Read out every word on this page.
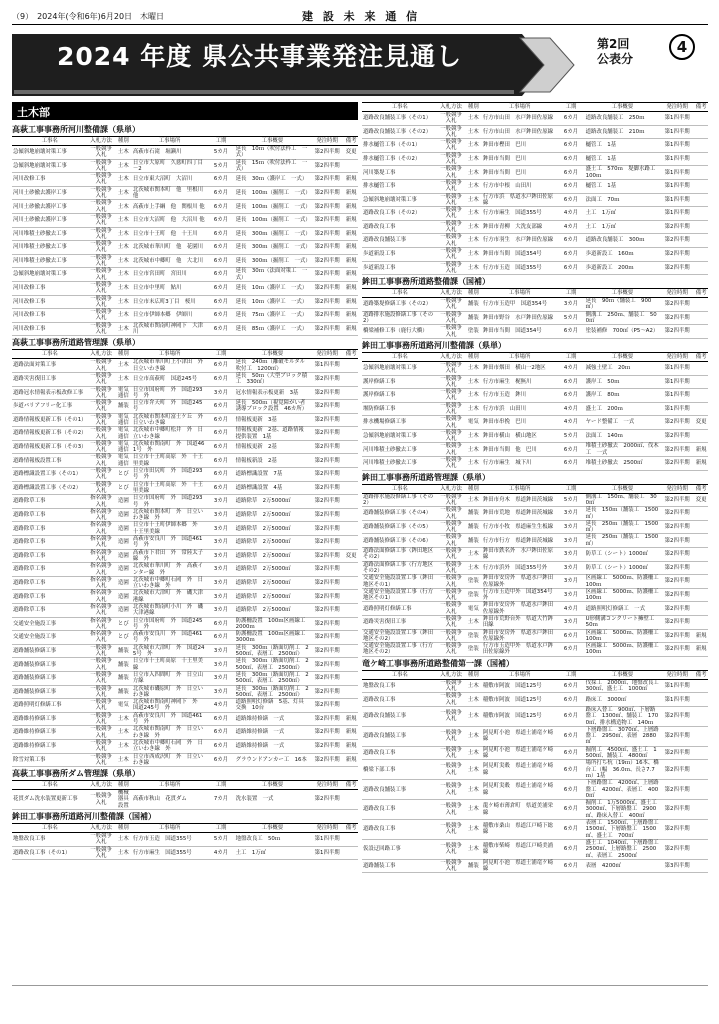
（9）　2024年(令和6年)6月20日　木曜日	建 設 未 来 通 信
2024 年度 県公共事業発注見通し	第2回
公表分
4
土木部
高萩工事事務所河川整備課（県単）
工事名	入札方法	種別	工事場所	工期	工事概要	発注時期	備考
急傾斜地崩壊対策工事	一般競争入札	土木	高萩市石滝　堀瀬川	5カ月	延長　10ｍ（吹付法枠工　一式）	第2四半期	変更
急傾斜地崩壊対策工事	一般競争入札	土木	日立市大原町　久慈町四丁目－2	5カ月	延長　15ｍ（吹付法枠工　一式）	第2四半期	
河川改修工事	一般競争入札	土木	日立市東大沼町　大沼川	6カ月	延長　30ｍ（護岸工　一式）	第2四半期	新規
河川土砂撤去護岸工事	一般競争入札	土木	北茨城市関本町　他　里根川 他	6カ月	延長　100ｍ（掘削工　一式）	第2四半期	新規
河川土砂撤去護岸工事	一般競争入札	土木	高萩市上手綱　他　関根川 他	6カ月	延長　100ｍ（掘削工　一式）	第2四半期	新規
河川土砂撤去護岸工事	一般競争入札	土木	日立市大沼町　他　大沼川 他	6カ月	延長　100ｍ（掘削工　一式）	第2四半期	新規
河川堆積土砂撤去工事	一般競争入札	土木	日立市十王町　他　十王川	6カ月	延長　300ｍ（掘削工　一式）	第2四半期	新規
河川堆積土砂撤去工事	一般競争入札	土木	北茨城市華川町　他　花園川	6カ月	延長　300ｍ（掘削工　一式）	第2四半期	新規
河川堆積土砂撤去工事	一般競争入札	土木	北茨城市中郷町　他　大北川	6カ月	延長　300ｍ（掘削工　一式）	第2四半期	新規
急傾斜地崩壊対策工事	一般競争入札	土木	日立市宮田町　宮田川	6カ月	延長　30ｍ（法面対策工　一式）	第2四半期	新規
河川改修工事	一般競争入札	土木	日立市中里町　鮎川	6カ月	延長　10ｍ（護岸工　一式）	第2四半期	新規
河川改修工事	一般競争入札	土木	日立市末広町3丁目　桜川	6カ月	延長　10ｍ（護岸工　一式）	第2四半期	新規
河川改修工事	一般競争入札	土木	日立市伊師本郷　伊師川	6カ月	延長　75ｍ（護岸工　一式）	第2四半期	新規
河川改修工事	一般競争入札	土木	北茨城市関南町神岡下　大津川	6カ月	延長　85ｍ（護岸工　一式）	第2四半期	新規
高萩工事事務所道路管理課（県単）
工事名	入札方法	種別	工事場所	工期	工事概要	発注時期	備考
道路法面対策工事	一般競争入札	土木	北茨城市華川町上小津田　外　日立いわき線	6カ月	延長　240ｍ（離破モルタル吹付工　1200㎡）	第1四半期	
道路災害復旧工事	一般競争入札	土木	日立市高萩町　国道245号	6カ月	延長　50ｍ（大型ブロック積工　330㎡）	第2四半期	
道路冠水情報表示板改修工事	一般競争入札	電気通信	日立市国府町　外　国道293号　外	3カ月	冠水情報表示板更新　3基	第2四半期	
歩道バリアフリー化工事	一般競争入札	舗装	日立市弁天町　外　国道245号	6カ月	延長　500ｍ（視覚障がい者誘導ブロック設置　46カ所）	第2四半期	
道路情報板更新工事（その1）	一般競争入札	電気通信	北茨城市関本町富士ケ丘　外　日立いわき線	6カ月	情報板更新　3基	第2四半期	
道路情報板更新工事（その2）	一般競争入札	電気通信	北茨城市中郷町松井　外　日立いわき線	6カ月	情報板更新　2基、道路情報提供装置　1基	第2四半期	
道路情報板更新工事（その3）	一般競争入札	電気通信	北茨城市関南町　外　国道461号　外	6カ月	情報板更新　2基	第2四半期	
道路情報板設置工事	一般競争入札	電気通信	日立市十王町高原　外　十王里美線	6カ月	情報板新設　2基	第2四半期	
道路標識設置工事（その1）	一般競争入札	とび	日立市田尻町　外　国道293号　外	6カ月	道路標識設置　7基	第2四半期	
道路標識設置工事（その2）	一般競争入札	とび	日立市十王町高原　外　十王里美線	6カ月	道路標識設置　4基	第2四半期	
道路除草工事	指名競争入札	造園	日立市国府町　外　国道293号　外	3カ月	道路除草　2万5000㎡	第2四半期	
道路除草工事	指名競争入札	造園	北茨城市関本町　外　日立いわき線　外	3カ月	道路除草　2万5000㎡	第2四半期	
道路除草工事	指名競争入札	造園	日立市十王町伊師本郷　外　十王里美線	3カ月	道路除草　2万5000㎡	第2四半期	
道路除草工事	指名競争入札	造園	高萩市安良川　外　国道461号　外	3カ月	道路除草　2万5000㎡	第2四半期	
道路除草工事	指名競争入札	造園	高萩市下君田　外　常陸太子線　外	3カ月	道路除草　2万5000㎡	第2四半期	変更
道路除草工事	指名競争入札	造園	北茨城市華川町　外　高萩インター線　外	3カ月	道路除草　2万5000㎡	第2四半期	
道路除草工事	指名競争入札	造園	北茨城市中郷町石岡　外　日立いわき線　外	3カ月	道路除草　2万5000㎡	第2四半期	
道路除草工事	指名競争入札	造園	北茨城市大津町　外　磯大津港線	3カ月	道路除草　2万5000㎡	第2四半期	
道路除草工事	指名競争入札	造園	北茨城市関南町小川　外　磯大津港線	3カ月	道路除草　2万5000㎡	第2四半期	
交通安全施設工事	指名競争入札	とび	日立市国府町　外　国道245号　外	6カ月	防護柵設置　100ｍ区画線工　2000ｍ	第2四半期	
交通安全施設工事	指名競争入札	とび	高萩市安良川　外　国道461号　外	6カ月	防護柵設置　100ｍ区画線工　3000ｍ	第2四半期	
道路舗装修繕工事	一般競争入札	舗装	北茨城市大津町　外　国道245号　外	3カ月	延長　300ｍ（路面切削工　2500㎡、表層工　2500㎡）	第2四半期	
道路舗装修繕工事	一般競争入札	舗装	日立市十王町高原　十王里美線	3カ月	延長　300ｍ（路面切削工　2500㎡、表層工　2500㎡）	第2四半期	
道路舗装修繕工事	一般競争入札	舗装	日立市入四間町　外　日立山方線	3カ月	延長　300ｍ（路面切削工　2500㎡、表層工　2500㎡）	第2四半期	
道路舗装修繕工事	一般競争入札	舗装	北茨城市磯原町　外　日立いわき線	3カ月	延長　300ｍ（路面切削工　2500㎡、表層工　2500㎡）	第2四半期	
道路照明灯修繕工事	一般競争入札	電気	北茨城市関南町神岡下　外　国道245号　外	4カ月	道路照明灯修繕　5基、灯具交換　10台	第2四半期	
道路維持修繕工事	一般競争入札	土木	高萩市安良川　外　国道461号　外	6カ月	道路維持修繕　一式	第2四半期	新規
道路維持修繕工事	一般競争入札	土木	北茨城市関南町　外　日立いわき線　外	6カ月	道路維持修繕　一式	第2四半期	新規
道路維持修繕工事	一般競争入札	土木	北茨城市中郷町石岡　外　日立いわき線　外	6カ月	道路維持修繕　一式	第2四半期	新規
除雪対策工事	一般競争入札	土木	日立市西成沢町　外　日立いわき線	6カ月	グラウンドアンカー工　16本	第2四半期	新規
高萩工事事務所ダム管理課（県単）
工事名	入札方法	種別	工事場所	工期	工事概要	発注時期	備考
花貫ダム洗水装置更新工事	一般競争入札	機械器具設置	高萩市秋山　花貫ダム	7カ月	洗水装置　一式	第2四半期	
鉾田工事事務所道路河川整備課（国補）
工事名	入札方法	種別	工事場所	工期	工事概要	発注時期	備考
地盤改良工事	一般競争入札	土木	行方市玉造　国道355号	5カ月	地盤改良工　50ｍ	第1四半期	
道路改良工事（その1）	一般競争入札	土木	行方市麻生　国道355号	4カ月	土工　1万㎥	第1四半期	
工事名	入札方法	種別	工事場所	工期	工事概要	発注時期	備考
道路改良舗装工事（その1）	一般競争入札	土木	行方市山田　水戸鉾田佐原線	6カ月	道路改良舗装工　250ｍ	第1四半期	
道路改良舗装工事（その2）	一般競争入札	土木	行方市山田　水戸鉾田佐原線	6カ月	道路改良舗装工　210ｍ	第1四半期	
排水樋管工事（その1）	一般競争入札	土木	鉾田市樫田　巴川	6カ月	樋管工　1基	第1四半期	
排水樋管工事（その2）	一般競争入札	土木	鉾田市当間　巴川	6カ月	樋管工　1基	第1四半期	
河川築堤工事	一般競争入札	土木	鉾田市当間　巴川	6カ月	盛土工　570ｍ　堤脚水路工　100ｍ	第1四半期	
排水樋管工事	一般競争入札	土木	行方市中根　山田川	6カ月	樋管工　1基	第1四半期	
急傾斜地崩壊対策工事	一般競争入札	土木	行方市浜　県道水戸鉾田佐原線	6カ月	法面工　70ｍ	第1四半期	
道路改良工事（その2）	一般競争入札	土木	行方市麻生　国道355号	4カ月	土工　1万㎥	第1四半期	
道路改良工事	一般競争入札	土木	鉾田市青柳　大洗友部線	4カ月	土工　1万㎥	第2四半期	
道路改良舗装工事	一般競争入札	土木	行方市羽生　水戸鉾田佐原線	6カ月	道路改良舗装工　300ｍ	第2四半期	
歩道新設工事	一般競争入札	土木	鉾田市当間　国道354号	6カ月	歩道新設工　160ｍ	第2四半期	
歩道新設工事	一般競争入札	土木	行方市玉造　国道355号	6カ月	歩道新設工　200ｍ	第2四半期	
鉾田工事事務所道路整備課（国補）
工事名	入札方法	種別	工事場所	工期	工事概要	発注時期	備考
道路築堤修繕工事（その2）	一般競争入札	舗装	行方市玉造甲　国道354号	3カ月	延長　90ｍ（舗装工　900㎡）	第2四半期	
道路排水施設修繕工事（その2）	一般競争入札	舗装	鉾田市野谷　水戸鉾田佐原線	5カ月	側溝工　250ｍ、舗装工　500㎡	第2四半期	
橋梁補修工事（鹿行大橋）	一般競争入札	塗装	鉾田市当間　国道354号	6カ月	塗装補修　700㎡（P5～A2）	第2四半期	
鉾田工事事務所道路河川整備課（県単）
工事名	入札方法	種別	工事場所	工期	工事概要	発注時期	備考
急傾斜地崩壊対策工事	一般競争入札	土木	鉾田市烟田　横山一2地区	4カ月	減強土壁工　20ｍ	第1四半期	
護岸修繕工事	一般競争入札	土木	行方市麻生　梶無川	6カ月	護岸工　50ｍ	第1四半期	
護岸修繕工事	一般競争入札	土木	行方市玉造　鉾川	6カ月	護岸工　80ｍ	第1四半期	
堰防修繕工事	一般競争入札	土木	行方市浜　山田川	4カ月	盛土工　200ｍ	第1四半期	
排水機場修繕工事	一般競争入札	電気	鉾田市串挽　巴川	4カ月	ヤード整備工　一式	第2四半期	変更
急傾斜地崩壊対策工事	一般競争入札	土木	鉾田市横山　横山地区	5カ月	法面工　140ｍ	第2四半期	
河川堆積土砂撤去工事	一般競争入札	土木	鉾田市当間　他　巴川	6カ月	堆積土砂撤去　2000㎥、伐木工　一式	第2四半期	新規
河川堆積土砂撤去工事	一般競争入札	土木	行方市麻生　城下川	6カ月	堆積土砂撤去　2500㎥	第2四半期	新規
鉾田工事事務所道路管理課（県単）
工事名	入札方法	種別	工事場所	工期	工事概要	発注時期	備考
道路排水施設修繕工事（その2）	一般競争入札	土木	鉾田市舟木　県道鉾田茨城線	5カ月	側溝工　150ｍ、舗装工　300㎡	第2四半期	変更
道路舗装修繕工事（その4）	一般競争入札	舗装	鉾田市荒地　県道鉾田茨城線	3カ月	延長　150ｍ（舗装工　1500㎡）	第2四半期	
道路舗装修繕工事（その5）	一般競争入札	舗装	行方市小牧　県道麻生生板線	3カ月	延長　250ｍ（舗装工　1500㎡）	第2四半期	
道路舗装修繕工事（その6）	一般競争入札	舗装	行方市行方　県道鉾田茨城線	3カ月	延長　250ｍ（舗装工　1500㎡）	第2四半期	
道路法面修繕工事（鉾田地区その2）	一般競争入札	土木	鉾田市鉄名外　水戸鉾田佐原線	3カ月	防草工（シート）1000㎡	第2四半期	
道路法面修繕工事（行方地区その2）	一般競争入札	土木	行方市浜外　国道355号外	3カ月	防草工（シート）1000㎡	第2四半期	
交通安全施設設置工事（鉾田地区その1）	一般競争入札	塗装	鉾田市安房外　県道水戸鉾田佐原線外	3カ月	区画線工　5000ｍ、防護柵工　100ｍ	第2四半期	
交通安全施設設置工事（行方地区その1）	一般競争入札	塗装	行方市玉造甲外　国道354号外	3カ月	区画線工　5000ｍ、防護柵工　100ｍ	第2四半期	
道路照明灯修繕工事	一般競争入札	電気	鉾田市安房外　県道水戸鉾田佐原線外	4カ月	道路照明灯修繕工　一式	第2四半期	
道路災害復旧工事	一般競争入札	土木	鉾田市荒野台外　県道大竹鉾田線	3カ月	U形側溝コンクリート擁壁工　50ｍ	第2四半期	
交通安全施設設置工事（鉾田地区その2）	一般競争入札	塗装	鉾田市安房外　県道水戸鉾田佐原線外	6カ月	区画線工　5000ｍ、防護柵工　100ｍ	第2四半期	新規
交通安全施設設置工事（行方地区その2）	一般競争入札	塗装	行方市玉造甲外　県道水戸鉾田佐原線外	6カ月	区画線工　5000ｍ、防護柵工　100ｍ	第2四半期	新規
竜ケ崎工事事務所道路整備第一課（国補）
工事名	入札方法	種別	工事場所	工期	工事概要	発注時期	備考
地盤改良工事	一般競争入札	土木	稲敷市阿波　国道125号	6カ月	伐採工　2000㎡、地盤改良工　300㎥、盛土工　1000㎥	第1四半期	
道路改良工事	一般競争入札	土木	稲敷市阿波　国道125号	6カ月	路床工　3000㎡	第1四半期	
道路改良舗装工事	一般競争入札	土木	稲敷市阿波　国道125号	6カ月	路床入替工　900㎥、下層路盤工　1300㎡、舗装工　1700㎡、排水構造物工　140ｍ	第2四半期	
道路改良舗装工事	一般競争入札	土木	阿見町小池　県道土浦竜ケ崎線	6カ月	下層路盤工　3070㎡、上層路盤工　2950㎡、表層　2880㎡	第2四半期	
道路改良工事	一般競争入札	土木	阿見町小池　県道土浦竜ケ崎線	6カ月	掘削工　4500㎥、盛土工　1500㎥、舗装工　4800㎡	第2四半期	
橋梁下部工事	一般競争入札	土木	阿見町実穀　県道土浦竜ケ崎線	6カ月	場所打ち杭（19ｍ）16本、橋台工（幅　36.0ｍ、長さ7.7ｍ）1基	第2四半期	
道路改良舗装工事	一般競争入札	土木	阿見町実穀　県道土浦竜ケ崎線	6カ月	下層路盤工　4200㎡、上層路盤工　4200㎡、表層工　4000㎡	第2四半期	
道路改良工事	一般競争入札	土木	龍ケ崎市薄倉町　県道美浦栄線	6カ月	掘削工　1万5000㎥、盛土工　3000㎥、下層路盤工　2900㎡、路床入替工　400㎥	第2四半期	
道路改良工事	一般競争入札	土木	稲敷市桑山　県道江戸崎下総線	6カ月	表層工　1500㎡、上層路盤工　1500㎡、下層路盤工　1500㎡、盛土工　700㎥	第2四半期	
仮設迂回路工事	一般競争入札	土木	稲敷市柴崎　県道江戸崎美浦線	6カ月	盛土工　1040㎥、下層路盤工　2500㎡、上層路盤工　2500㎡、表層工　2500㎡	第2四半期	
道路舗装工事	一般競争入札	舗装	阿見町小池　県道土浦竜ケ崎線	6カ月	表層　4200㎡	第3四半期	
